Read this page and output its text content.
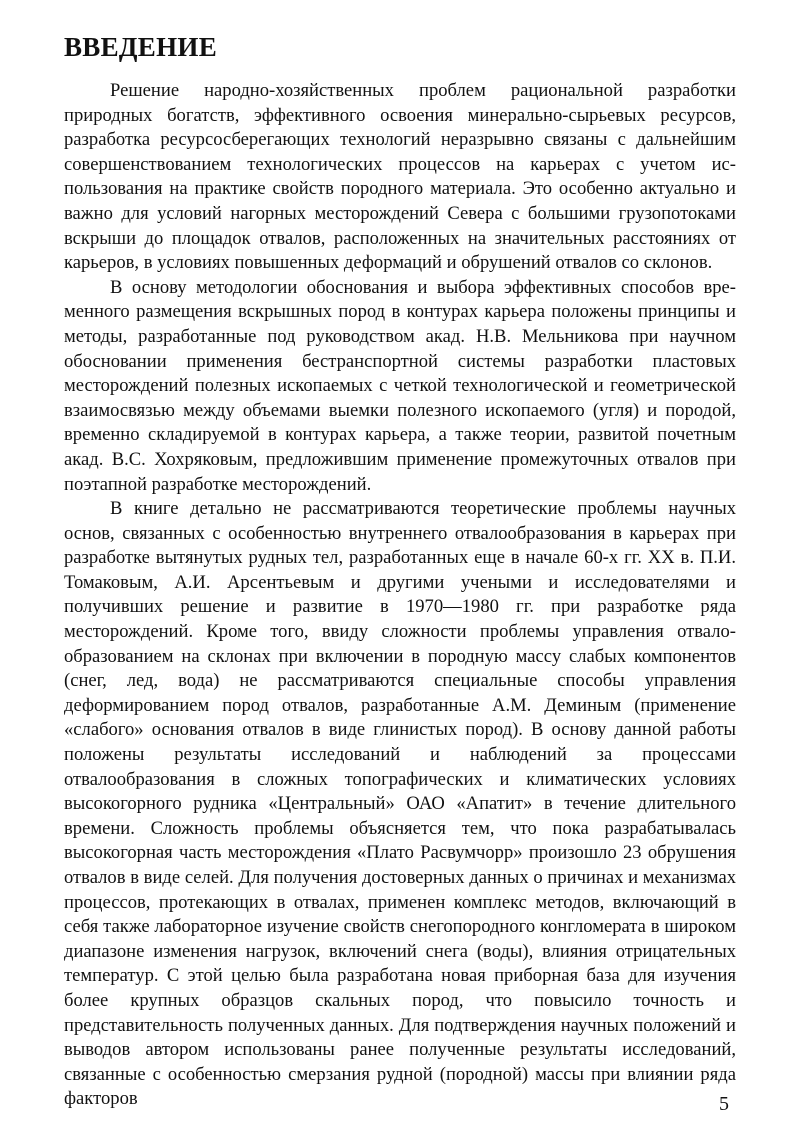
ВВЕДЕНИЕ

Решение народно-хозяйственных проблем рациональной разработки природных богатств, эффективного освоения минерально-сырьевых ресурсов, разработка ресурсосберегающих технологий неразрывно связаны с дальнейшим совершенствованием технологических процессов на карьерах с учетом использования на практике свойств породного материала. Это особенно актуально и важно для условий нагорных месторождений Севера с большими грузопотоками вскрыши до площадок отвалов, расположенных на значительных расстояниях от карьеров, в условиях повышенных деформаций и обрушений отвалов со склонов.

В основу методологии обоснования и выбора эффективных способов временного размещения вскрышных пород в контурах карьера положены принципы и методы, разработанные под руководством акад. Н.В. Мельникова при научном обосновании применения бестранспортной системы разработки пластовых месторождений полезных ископаемых с четкой технологической и геометрической взаимосвязью между объемами выемки полезного ископаемого (угля) и породой, временно складируемой в контурах карьера, а также теории, развитой почетным акад. В.С. Хохряковым, предложившим применение промежуточных отвалов при поэтапной разработке месторождений.

В книге детально не рассматриваются теоретические проблемы научных основ, связанных с особенностью внутреннего отвалообразования в карьерах при разработке вытянутых рудных тел, разработанных еще в начале 60-х гг. XX в. П.И. Томаковым, А.И. Арсентьевым и другими учеными и исследователями и получивших решение и развитие в 1970—1980 гг. при разработке ряда месторождений. Кроме того, ввиду сложности проблемы управления отвалообразованием на склонах при включении в породную массу слабых компонентов (снег, лед, вода) не рассматриваются специальные способы управления деформированием пород отвалов, разработанные А.М. Деминым (применение «слабого» основания отвалов в виде глинистых пород). В основу данной работы положены результаты исследований и наблюдений за процессами отвалообразования в сложных топографических и климатических условиях высокогорного рудника «Центральный» ОАО «Апатит» в течение длительного времени. Сложность проблемы объясняется тем, что пока разрабатывалась высокогорная часть месторождения «Плато Расвумчорр» произошло 23 обрушения отвалов в виде селей. Для получения достоверных данных о причинах и механизмах процессов, протекающих в отвалах, применен комплекс методов, включающий в себя также лабораторное изучение свойств снегопородного конгломерата в широком диапазоне изменения нагрузок, включений снега (воды), влияния отрицательных температур. С этой целью была разработана новая приборная база для изучения более крупных образцов скальных пород, что повысило точность и представительность полученных данных. Для подтверждения научных положений и выводов автором использованы ранее полученные результаты исследований, связанные с особенностью смерзания рудной (породной) массы при влиянии ряда факторов	5
